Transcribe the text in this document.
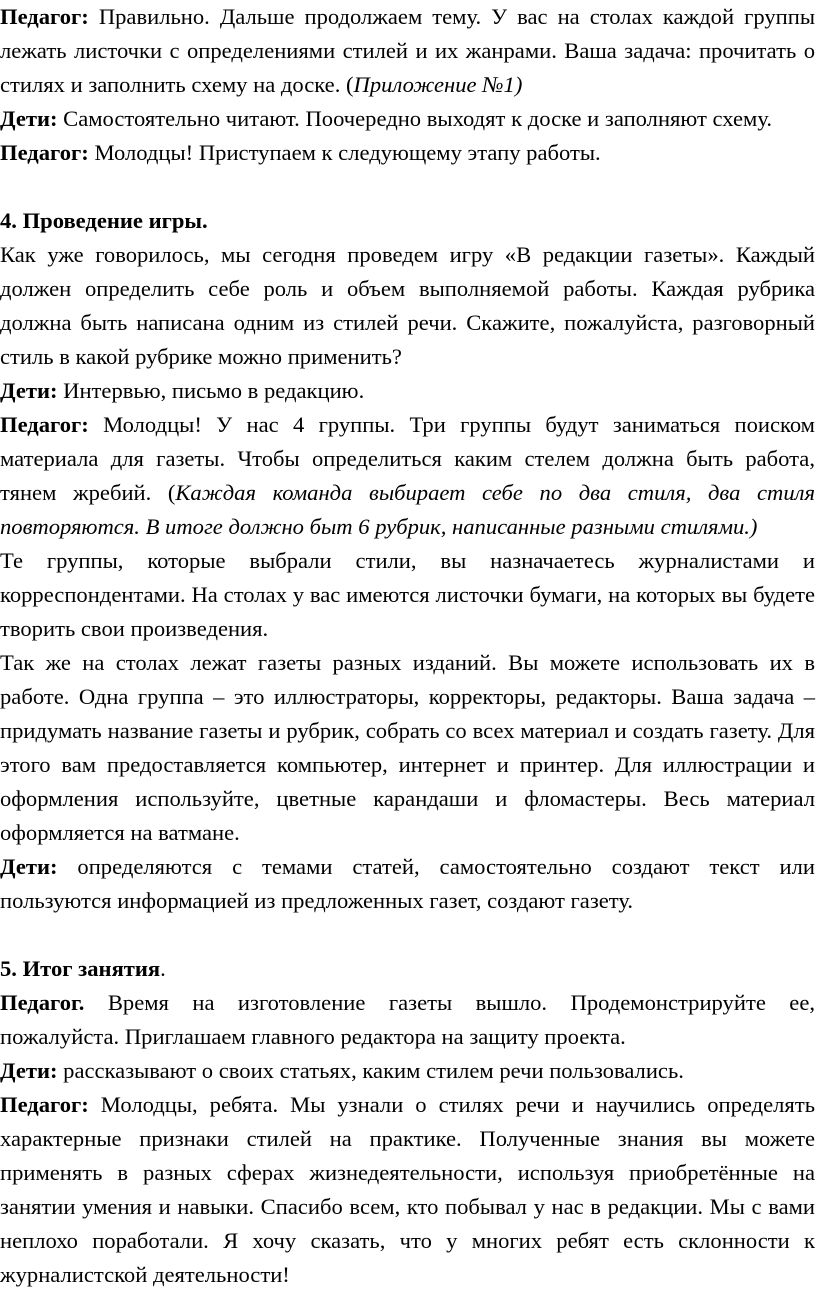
Педагог: Правильно. Дальше продолжаем тему. У вас на столах каждой группы лежать листочки с определениями стилей и их жанрами. Ваша задача: прочитать о стилях и заполнить схему на доске. (Приложение №1)

Дети: Самостоятельно читают. Поочередно выходят к доске и заполняют схему.

Педагог: Молодцы! Приступаем к следующему этапу работы.

4. Проведение игры.

Как уже говорилось, мы сегодня проведем игру «В редакции газеты». Каждый должен определить себе роль и объем выполняемой работы. Каждая рубрика должна быть написана одним из стилей речи. Скажите, пожалуйста, разговорный стиль в какой рубрике можно применить?

Дети: Интервью, письмо в редакцию.

Педагог: Молодцы! У нас 4 группы. Три группы будут заниматься поиском материала для газеты. Чтобы определиться каким стелем должна быть работа, тянем жребий. (Каждая команда выбирает себе по два стиля, два стиля повторяются. В итоге должно быт 6 рубрик, написанные разными стилями.)

Те группы, которые выбрали стили, вы назначаетесь журналистами и корреспондентами. На столах у вас имеются листочки бумаги, на которых вы будете творить свои произведения.

Так же на столах лежат газеты разных изданий. Вы можете использовать их в работе. Одна группа – это иллюстраторы, корректоры, редакторы. Ваша задача – придумать название газеты и рубрик, собрать со всех материал и создать газету. Для этого вам предоставляется компьютер, интернет и принтер. Для иллюстрации и оформления используйте, цветные карандаши и фломастеры. Весь материал оформляется на ватмане.

Дети: определяются с темами статей, самостоятельно создают текст или пользуются информацией из предложенных газет, создают газету.

5. Итог занятия.

Педагог. Время на изготовление газеты вышло. Продемонстрируйте ее, пожалуйста. Приглашаем главного редактора на защиту проекта.

Дети: рассказывают о своих статьях, каким стилем речи пользовались.

Педагог: Молодцы, ребята. Мы узнали о стилях речи и научились определять характерные признаки стилей на практике. Полученные знания вы можете применять в разных сферах жизнедеятельности, используя приобретённые на занятии умения и навыки. Спасибо всем, кто побывал у нас в редакции. Мы с вами неплохо поработали. Я хочу сказать, что у многих ребят есть склонности к журналистской деятельности!
